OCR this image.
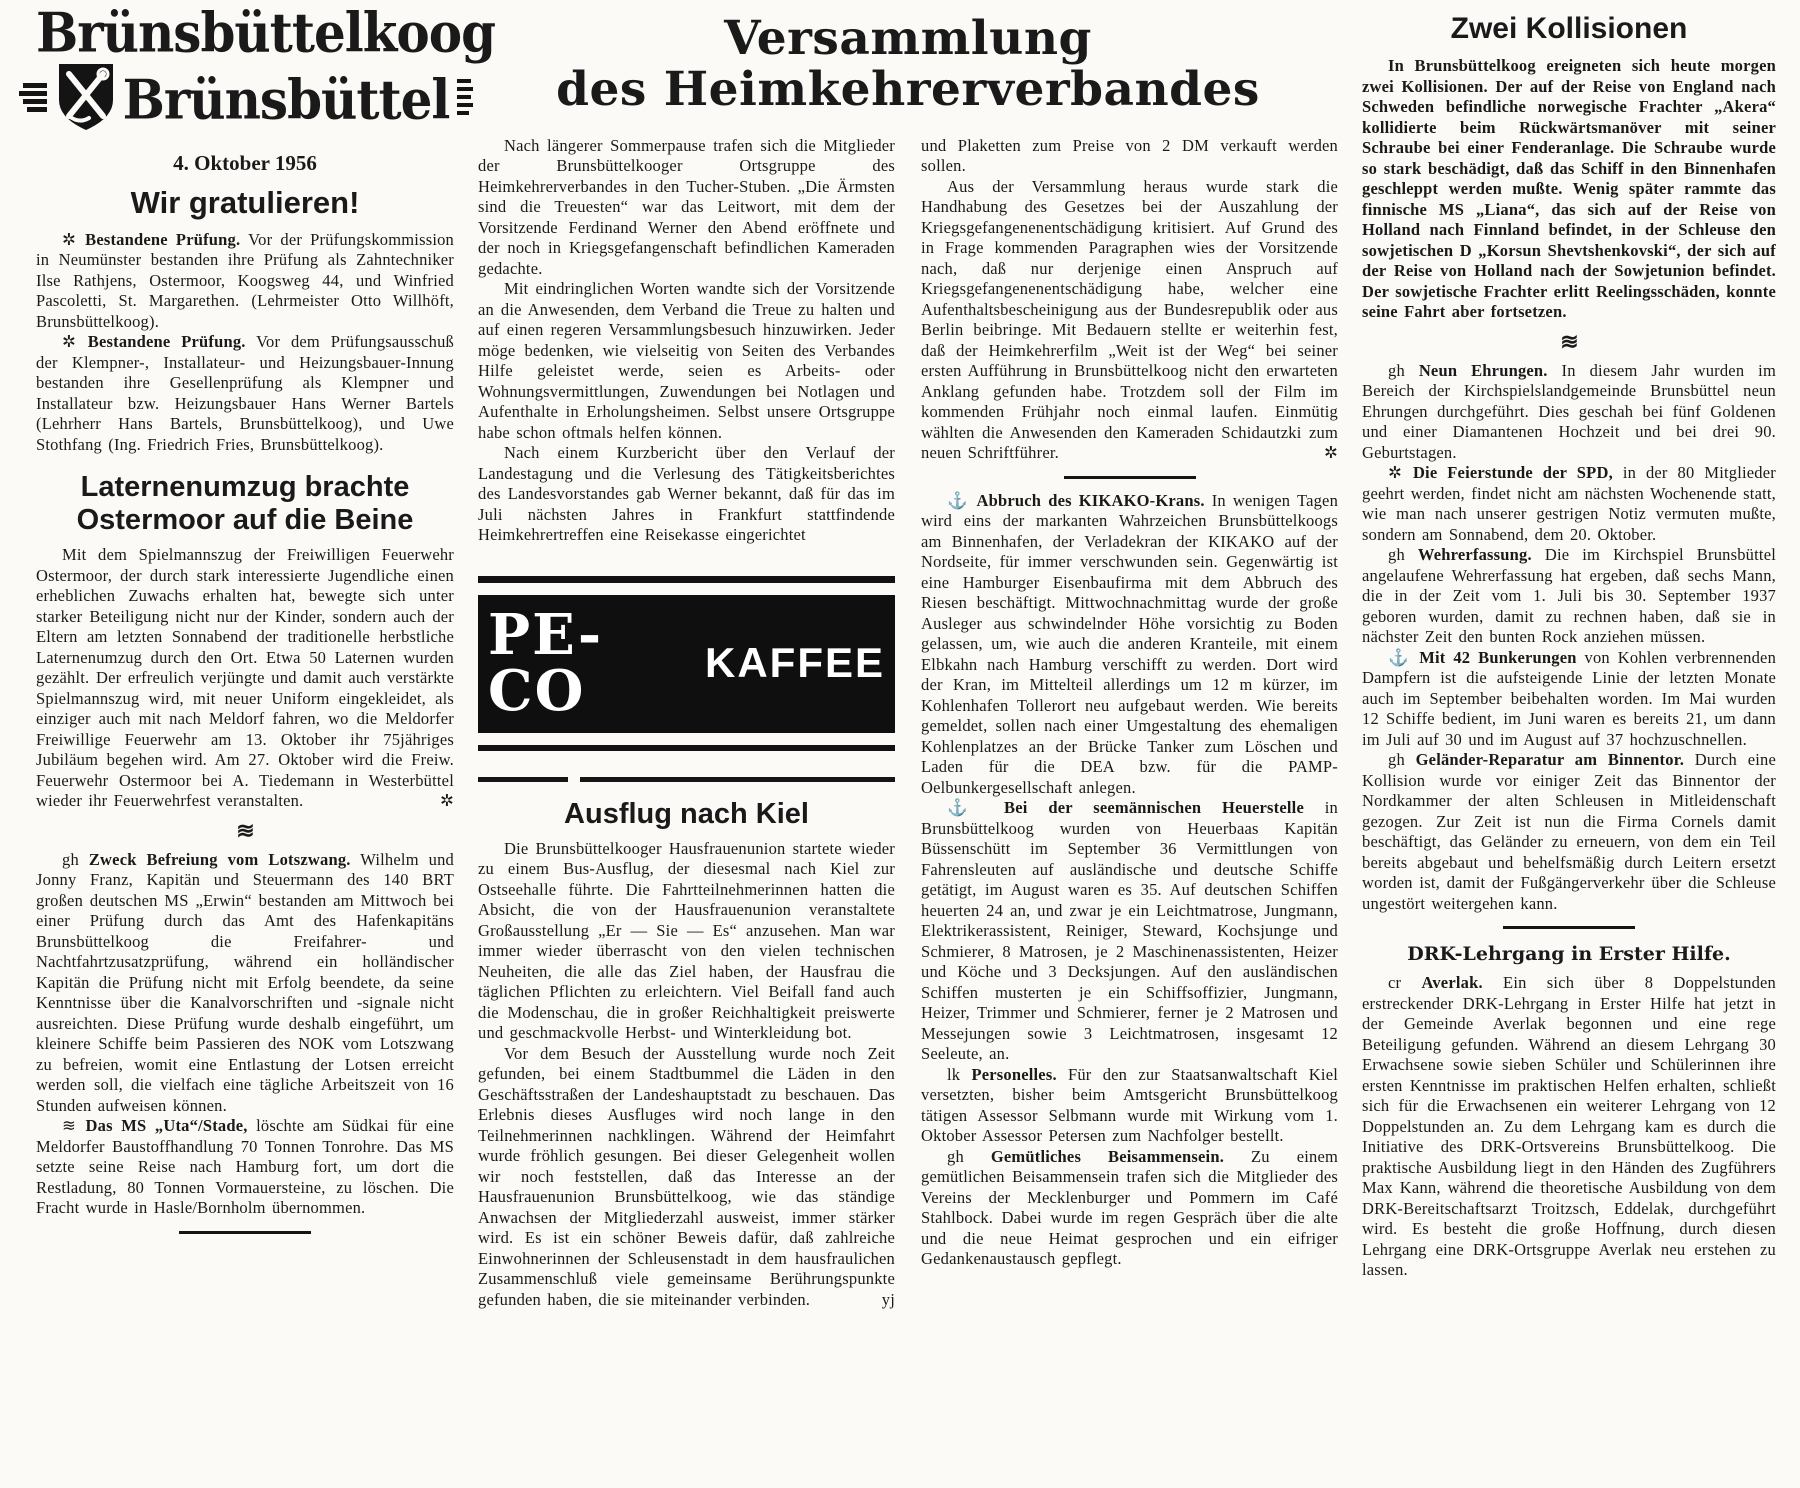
Brünsbüttelkoog
Brünsbüttel
4. Oktober 1956
Wir gratulieren!

✲ Bestandene Prüfung. Vor der Prüfungskommission in Neumünster bestanden ihre Prüfung als Zahntechniker Ilse Rathjens, Ostermoor, Koogsweg 44, und Winfried Pascoletti, St. Margarethen. (Lehrmeister Otto Willhöft, Brunsbüttelkoog).

✲ Bestandene Prüfung. Vor dem Prüfungsausschuß der Klempner-, Installateur- und Heizungsbauer-Innung bestanden ihre Gesellenprüfung als Klempner und Installateur bzw. Heizungsbauer Hans Werner Bartels (Lehrherr Hans Bartels, Brunsbüttelkoog), und Uwe Stothfang (Ing. Friedrich Fries, Brunsbüttelkoog).

Laternenumzug brachte Ostermoor auf die Beine

Mit dem Spielmannszug der Freiwilligen Feuerwehr Ostermoor, der durch stark interessierte Jugendliche einen erheblichen Zuwachs erhalten hat, bewegte sich unter starker Beteiligung nicht nur der Kinder, sondern auch der Eltern am letzten Sonnabend der traditionelle herbstliche Laternenumzug durch den Ort. Etwa 50 Laternen wurden gezählt. Der erfreulich verjüngte und damit auch verstärkte Spielmannszug wird, mit neuer Uniform eingekleidet, als einziger auch mit nach Meldorf fahren, wo die Meldorfer Freiwillige Feuerwehr am 13. Oktober ihr 75jähriges Jubiläum begehen wird. Am 27. Oktober wird die Freiw. Feuerwehr Ostermoor bei A. Tiedemann in Westerbüttel wieder ihr Feuerwehrfest veranstalten.	✲

≋

gh Zweck Befreiung vom Lotszwang. Wilhelm und Jonny Franz, Kapitän und Steuermann des 140 BRT großen deutschen MS „Erwin“ bestanden am Mittwoch bei einer Prüfung durch das Amt des Hafenkapitäns Brunsbüttelkoog die Freifahrer- und Nachtfahrtzusatzprüfung, während ein holländischer Kapitän die Prüfung nicht mit Erfolg beendete, da seine Kenntnisse über die Kanalvorschriften und -signale nicht ausreichten. Diese Prüfung wurde deshalb eingeführt, um kleinere Schiffe beim Passieren des NOK vom Lotszwang zu befreien, womit eine Entlastung der Lotsen erreicht werden soll, die vielfach eine tägliche Arbeitszeit von 16 Stunden aufweisen können.

≋ Das MS „Uta“/Stade, löschte am Südkai für eine Meldorfer Baustoffhandlung 70 Tonnen Tonrohre. Das MS setzte seine Reise nach Hamburg fort, um dort die Restladung, 80 Tonnen Vormauersteine, zu löschen. Die Fracht wurde in Hasle/Bornholm übernommen.

Versammlung
des Heimkehrerverbandes

Nach längerer Sommerpause trafen sich die Mitglieder der Brunsbüttelkooger Ortsgruppe des Heimkehrerverbandes in den Tucher-Stuben. „Die Ärmsten sind die Treuesten“ war das Leitwort, mit dem der Vorsitzende Ferdinand Werner den Abend eröffnete und der noch in Kriegsgefangenschaft befindlichen Kameraden gedachte.

Mit eindringlichen Worten wandte sich der Vorsitzende an die Anwesenden, dem Verband die Treue zu halten und auf einen regeren Versammlungsbesuch hinzuwirken. Jeder möge bedenken, wie vielseitig von Seiten des Verbandes Hilfe geleistet werde, seien es Arbeits- oder Wohnungsvermittlungen, Zuwendungen bei Notlagen und Aufenthalte in Erholungsheimen. Selbst unsere Ortsgruppe habe schon oftmals helfen können.

Nach einem Kurzbericht über den Verlauf der Landestagung und die Verlesung des Tätigkeitsberichtes des Landesvorstandes gab Werner bekannt, daß für das im Juli nächsten Jahres in Frankfurt stattfindende Heimkehrertreffen eine Reisekasse eingerichtet

PE-CO	KAFFEE
Ausflug nach Kiel

Die Brunsbüttelkooger Hausfrauenunion startete wieder zu einem Bus-Ausflug, der diesesmal nach Kiel zur Ostseehalle führte. Die Fahrtteilnehmerinnen hatten die Absicht, die von der Hausfrauenunion veranstaltete Großausstellung „Er — Sie — Es“ anzusehen. Man war immer wieder überrascht von den vielen technischen Neuheiten, die alle das Ziel haben, der Hausfrau die täglichen Pflichten zu erleichtern. Viel Beifall fand auch die Modenschau, die in großer Reichhaltigkeit preiswerte und geschmackvolle Herbst- und Winterkleidung bot.

Vor dem Besuch der Ausstellung wurde noch Zeit gefunden, bei einem Stadtbummel die Läden in den Geschäftsstraßen der Landeshauptstadt zu beschauen. Das Erlebnis dieses Ausfluges wird noch lange in den Teilnehmerinnen nachklingen. Während der Heimfahrt wurde fröhlich gesungen. Bei dieser Gelegenheit wollen wir noch feststellen, daß das Interesse an der Hausfrauenunion Brunsbüttelkoog, wie das ständige Anwachsen der Mitgliederzahl ausweist, immer stärker wird. Es ist ein schöner Beweis dafür, daß zahlreiche Einwohnerinnen der Schleusenstadt in dem hausfraulichen Zusammenschluß viele gemeinsame Berührungspunkte gefunden haben, die sie miteinander verbinden.	yj

und Plaketten zum Preise von 2 DM verkauft werden sollen.

Aus der Versammlung heraus wurde stark die Handhabung des Gesetzes bei der Auszahlung der Kriegsgefangenenentschädigung kritisiert. Auf Grund des in Frage kommenden Paragraphen wies der Vorsitzende nach, daß nur derjenige einen Anspruch auf Kriegsgefangenenentschädigung habe, welcher eine Aufenthaltsbescheinigung aus der Bundesrepublik oder aus Berlin beibringe. Mit Bedauern stellte er weiterhin fest, daß der Heimkehrerfilm „Weit ist der Weg“ bei seiner ersten Aufführung in Brunsbüttelkoog nicht den erwarteten Anklang gefunden habe. Trotzdem soll der Film im kommenden Frühjahr noch einmal laufen. Einmütig wählten die Anwesenden den Kameraden Schidautzki zum neuen Schriftführer.	✲

⚓ Abbruch des KIKAKO-Krans. In wenigen Tagen wird eins der markanten Wahrzeichen Brunsbüttelkoogs am Binnenhafen, der Verladekran der KIKAKO auf der Nordseite, für immer verschwunden sein. Gegenwärtig ist eine Hamburger Eisenbaufirma mit dem Abbruch des Riesen beschäftigt. Mittwochnachmittag wurde der große Ausleger aus schwindelnder Höhe vorsichtig zu Boden gelassen, um, wie auch die anderen Kranteile, mit einem Elbkahn nach Hamburg verschifft zu werden. Dort wird der Kran, im Mittelteil allerdings um 12 m kürzer, im Kohlenhafen Tollerort neu aufgebaut werden. Wie bereits gemeldet, sollen nach einer Umgestaltung des ehemaligen Kohlenplatzes an der Brücke Tanker zum Löschen und Laden für die DEA bzw. für die PAMP-Oelbunkergesellschaft anlegen.

⚓ Bei der seemännischen Heuerstelle in Brunsbüttelkoog wurden von Heuerbaas Kapitän Büssenschütt im September 36 Vermittlungen von Fahrensleuten auf ausländische und deutsche Schiffe getätigt, im August waren es 35. Auf deutschen Schiffen heuerten 24 an, und zwar je ein Leichtmatrose, Jungmann, Elektrikerassistent, Reiniger, Steward, Kochsjunge und Schmierer, 8 Matrosen, je 2 Maschinenassistenten, Heizer und Köche und 3 Decksjungen. Auf den ausländischen Schiffen musterten je ein Schiffsoffizier, Jungmann, Heizer, Trimmer und Schmierer, ferner je 2 Matrosen und Messejungen sowie 3 Leichtmatrosen, insgesamt 12 Seeleute, an.

lk Personelles. Für den zur Staatsanwaltschaft Kiel versetzten, bisher beim Amtsgericht Brunsbüttelkoog tätigen Assessor Selbmann wurde mit Wirkung vom 1. Oktober Assessor Petersen zum Nachfolger bestellt.

gh Gemütliches Beisammensein. Zu einem gemütlichen Beisammensein trafen sich die Mitglieder des Vereins der Mecklenburger und Pommern im Café Stahlbock. Dabei wurde im regen Gespräch über die alte und die neue Heimat gesprochen und ein eifriger Gedankenaustausch gepflegt.

Zwei Kollisionen

In Brunsbüttelkoog ereigneten sich heute morgen zwei Kollisionen. Der auf der Reise von England nach Schweden befindliche norwegische Frachter „Akera“ kollidierte beim Rückwärtsmanöver mit seiner Schraube bei einer Fenderanlage. Die Schraube wurde so stark beschädigt, daß das Schiff in den Binnenhafen geschleppt werden mußte. Wenig später rammte das finnische MS „Liana“, das sich auf der Reise von Holland nach Finnland befindet, in der Schleuse den sowjetischen D „Korsun Shevtshenkovski“, der sich auf der Reise von Holland nach der Sowjetunion befindet. Der sowjetische Frachter erlitt Reelingsschäden, konnte seine Fahrt aber fortsetzen.

≋

gh Neun Ehrungen. In diesem Jahr wurden im Bereich der Kirchspielslandgemeinde Brunsbüttel neun Ehrungen durchgeführt. Dies geschah bei fünf Goldenen und einer Diamantenen Hochzeit und bei drei 90. Geburtstagen.

✲ Die Feierstunde der SPD, in der 80 Mitglieder geehrt werden, findet nicht am nächsten Wochenende statt, wie man nach unserer gestrigen Notiz vermuten mußte, sondern am Sonnabend, dem 20. Oktober.

gh Wehrerfassung. Die im Kirchspiel Brunsbüttel angelaufene Wehrerfassung hat ergeben, daß sechs Mann, die in der Zeit vom 1. Juli bis 30. September 1937 geboren wurden, damit zu rechnen haben, daß sie in nächster Zeit den bunten Rock anziehen müssen.

⚓ Mit 42 Bunkerungen von Kohlen verbrennenden Dampfern ist die aufsteigende Linie der letzten Monate auch im September beibehalten worden. Im Mai wurden 12 Schiffe bedient, im Juni waren es bereits 21, um dann im Juli auf 30 und im August auf 37 hochzuschnellen.

gh Geländer-Reparatur am Binnentor. Durch eine Kollision wurde vor einiger Zeit das Binnentor der Nordkammer der alten Schleusen in Mitleidenschaft gezogen. Zur Zeit ist nun die Firma Cornels damit beschäftigt, das Geländer zu erneuern, von dem ein Teil bereits abgebaut und behelfsmäßig durch Leitern ersetzt worden ist, damit der Fußgängerverkehr über die Schleuse ungestört weitergehen kann.

DRK-Lehrgang in Erster Hilfe.

cr Averlak. Ein sich über 8 Doppelstunden erstreckender DRK-Lehrgang in Erster Hilfe hat jetzt in der Gemeinde Averlak begonnen und eine rege Beteiligung gefunden. Während an diesem Lehrgang 30 Erwachsene sowie sieben Schüler und Schülerinnen ihre ersten Kenntnisse im praktischen Helfen erhalten, schließt sich für die Erwachsenen ein weiterer Lehrgang von 12 Doppelstunden an. Zu dem Lehrgang kam es durch die Initiative des DRK-Ortsvereins Brunsbüttelkoog. Die praktische Ausbildung liegt in den Händen des Zugführers Max Kann, während die theoretische Ausbildung von dem DRK-Bereitschaftsarzt Troitzsch, Eddelak, durchgeführt wird. Es besteht die große Hoffnung, durch diesen Lehrgang eine DRK-Ortsgruppe Averlak neu erstehen zu lassen.
